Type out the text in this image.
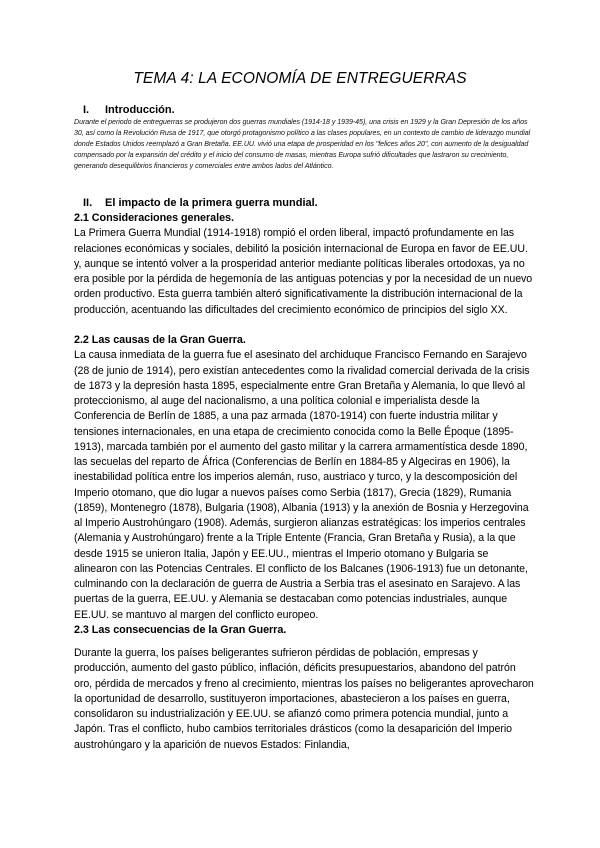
TEMA 4: LA ECONOMÍA DE ENTREGUERRAS
I. Introducción.
Durante el periodo de entreguerras se produjeron dos guerras mundiales (1914-18 y 1939-45), una crisis en 1929 y la Gran Depresión de los años 30, así como la Revolución Rusa de 1917, que otorgó protagonismo político a las clases populares, en un contexto de cambio de liderazgo mundial donde Estados Unidos reemplazó a Gran Bretaña. EE.UU. vivió una etapa de prosperidad en los "felices años 20", con aumento de la desigualdad compensado por la expansión del crédito y el inicio del consumo de masas, mientras Europa sufrió dificultades que lastraron su crecimiento, generando desequilibrios financieros y comerciales entre ambos lados del Atlántico.
II. El impacto de la primera guerra mundial.

2.1 Consideraciones generales.

La Primera Guerra Mundial (1914-1918) rompió el orden liberal, impactó profundamente en las relaciones económicas y sociales, debilitó la posición internacional de Europa en favor de EE.UU. y, aunque se intentó volver a la prosperidad anterior mediante políticas liberales ortodoxas, ya no era posible por la pérdida de hegemonía de las antiguas potencias y por la necesidad de un nuevo orden productivo. Esta guerra también alteró significativamente la distribución internacional de la producción, acentuando las dificultades del crecimiento económico de principios del siglo XX.

2.2 Las causas de la Gran Guerra.

La causa inmediata de la guerra fue el asesinato del archiduque Francisco Fernando en Sarajevo (28 de junio de 1914), pero existían antecedentes como la rivalidad comercial derivada de la crisis de 1873 y la depresión hasta 1895, especialmente entre Gran Bretaña y Alemania, lo que llevó al proteccionismo, al auge del nacionalismo, a una política colonial e imperialista desde la Conferencia de Berlín de 1885, a una paz armada (1870-1914) con fuerte industria militar y tensiones internacionales, en una etapa de crecimiento conocida como la Belle Époque (1895-1913), marcada también por el aumento del gasto militar y la carrera armamentística desde 1890, las secuelas del reparto de África (Conferencias de Berlín en 1884-85 y Algeciras en 1906), la inestabilidad política entre los imperios alemán, ruso, austriaco y turco, y la descomposición del Imperio otomano, que dio lugar a nuevos países como Serbia (1817), Grecia (1829), Rumania (1859), Montenegro (1878), Bulgaria (1908), Albania (1913) y la anexión de Bosnia y Herzegovina al Imperio Austrohúngaro (1908). Además, surgieron alianzas estratégicas: los imperios centrales (Alemania y Austrohúngaro) frente a la Triple Entente (Francia, Gran Bretaña y Rusia), a la que desde 1915 se unieron Italia, Japón y EE.UU., mientras el Imperio otomano y Bulgaria se alinearon con las Potencias Centrales. El conflicto de los Balcanes (1906-1913) fue un detonante, culminando con la declaración de guerra de Austria a Serbia tras el asesinato en Sarajevo. A las puertas de la guerra, EE.UU. y Alemania se destacaban como potencias industriales, aunque EE.UU. se mantuvo al margen del conflicto europeo.

2.3 Las consecuencias de la Gran Guerra.

Durante la guerra, los países beligerantes sufrieron pérdidas de población, empresas y producción, aumento del gasto público, inflación, déficits presupuestarios, abandono del patrón oro, pérdida de mercados y freno al crecimiento, mientras los países no beligerantes aprovecharon la oportunidad de desarrollo, sustituyeron importaciones, abastecieron a los países en guerra, consolidaron su industrialización y EE.UU. se afianzó como primera potencia mundial, junto a Japón. Tras el conflicto, hubo cambios territoriales drásticos (como la desaparición del Imperio austrohúngaro y la aparición de nuevos Estados: Finlandia,
